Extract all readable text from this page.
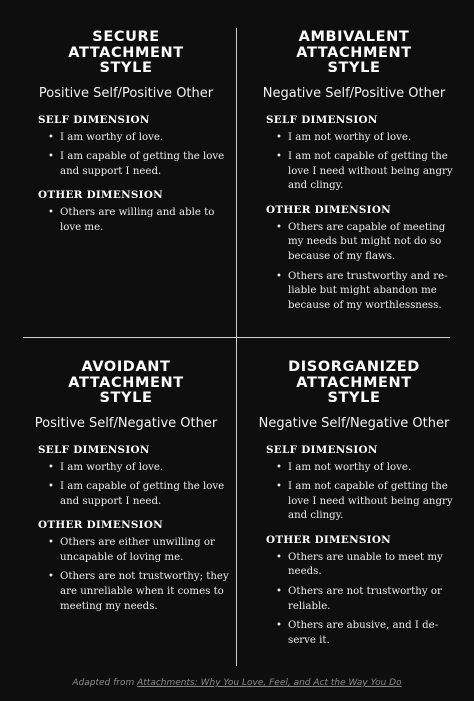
SECURE
ATTACHMENT
STYLE
Positive Self/Positive Other
SELF DIMENSION
• I am worthy of love.
• I am capable of getting the love and support I need.
OTHER DIMENSION
• Others are willing and able to love me.
AMBIVALENT
ATTACHMENT
STYLE
Negative Self/Positive Other
SELF DIMENSION
• I am not worthy of love.
• I am not capable of getting the love I need without being angry and clingy.
OTHER DIMENSION
• Others are capable of meeting my needs but might not do so because of my flaws.
• Others are trustworthy and re- liable but might abandon me because of my worthlessness.
AVOIDANT
ATTACHMENT
STYLE
Positive Self/Negative Other
SELF DIMENSION
• I am worthy of love.
• I am capable of getting the love and support I need.
OTHER DIMENSION
• Others are either unwilling or uncapable of loving me.
• Others are not trustworthy; they are unreliable when it comes to meeting my needs.
DISORGANIZED
ATTACHMENT
STYLE
Negative Self/Negative Other
SELF DIMENSION
• I am not worthy of love.
• I am not capable of getting the love I need without being angry and clingy.
OTHER DIMENSION
• Others are unable to meet my needs.
• Others are not trustworthy or reliable.
• Others are abusive, and I de- serve it.
Adapted from Attachments: Why You Love, Feel, and Act the Way You Do
